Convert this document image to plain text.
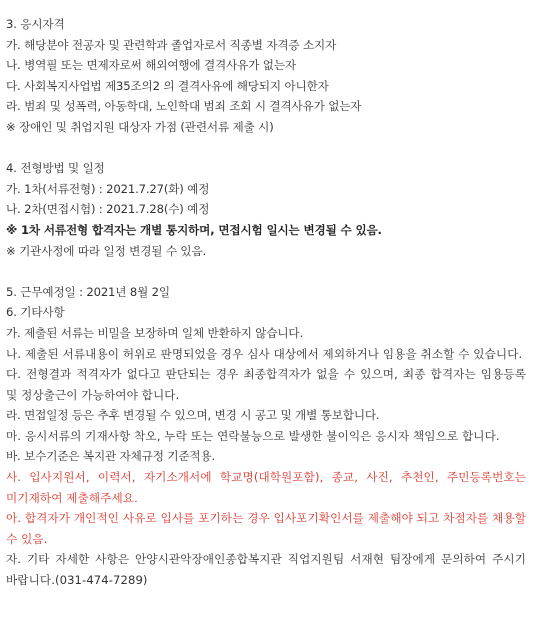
3. 응시자격
가. 해당분야 전공자 및 관련학과 졸업자로서 직종별 자격증 소지자
나. 병역필 또는 면제자로써 해외여행에 결격사유가 없는자
다. 사회복지사업법 제35조의2 의 결격사유에 해당되지 아니한자
라. 범죄 및 성폭력, 아동학대, 노인학대 범죄 조회 시 결격사유가 없는자
※ 장애인 및 취업지원 대상자 가점 (관련서류 제출 시)
4. 전형방법 및 일정
가. 1차(서류전형) : 2021.7.27(화) 예정
나. 2차(면접시험) : 2021.7.28(수) 예정
※ 1차 서류전형 합격자는 개별 통지하며, 면접시험 일시는 변경될 수 있음.
※ 기관사정에 따라 일정 변경될 수 있음.
5. 근무예정일 : 2021년 8월 2일
6. 기타사항
가. 제출된 서류는 비밀을 보장하며 일체 반환하지 않습니다.
나. 제출된 서류내용이 허위로 판명되었을 경우 심사 대상에서 제외하거나 임용을 취소할 수 있습니다.
다. 전형결과 적격자가 없다고 판단되는 경우 최종합격자가 없을 수 있으며, 최종 합격자는 임용등록 및 정상출근이 가능하여야 합니다.
라. 면접일정 등은 추후 변경될 수 있으며, 변경 시 공고 및 개별 통보합니다.
마. 응시서류의 기재사항 착오, 누락 또는 연락불능으로 발생한 불이익은 응시자 책임으로 합니다.
바. 보수기준은 복지관 자체규정 기준적용.
사. 입사지원서, 이력서, 자기소개서에 학교명(대학원포함), 종교, 사진, 추천인, 주민등록번호는 미기재하여 제출해주세요.
아. 합격자가 개인적인 사유로 입사를 포기하는 경우 입사포기확인서를 제출해야 되고 차점자를 채용할 수 있음.
자. 기타 자세한 사항은 안양시관악장애인종합복지관 직업지원팀 서재현 팀장에게 문의하여 주시기 바랍니다.(031-474-7289)
